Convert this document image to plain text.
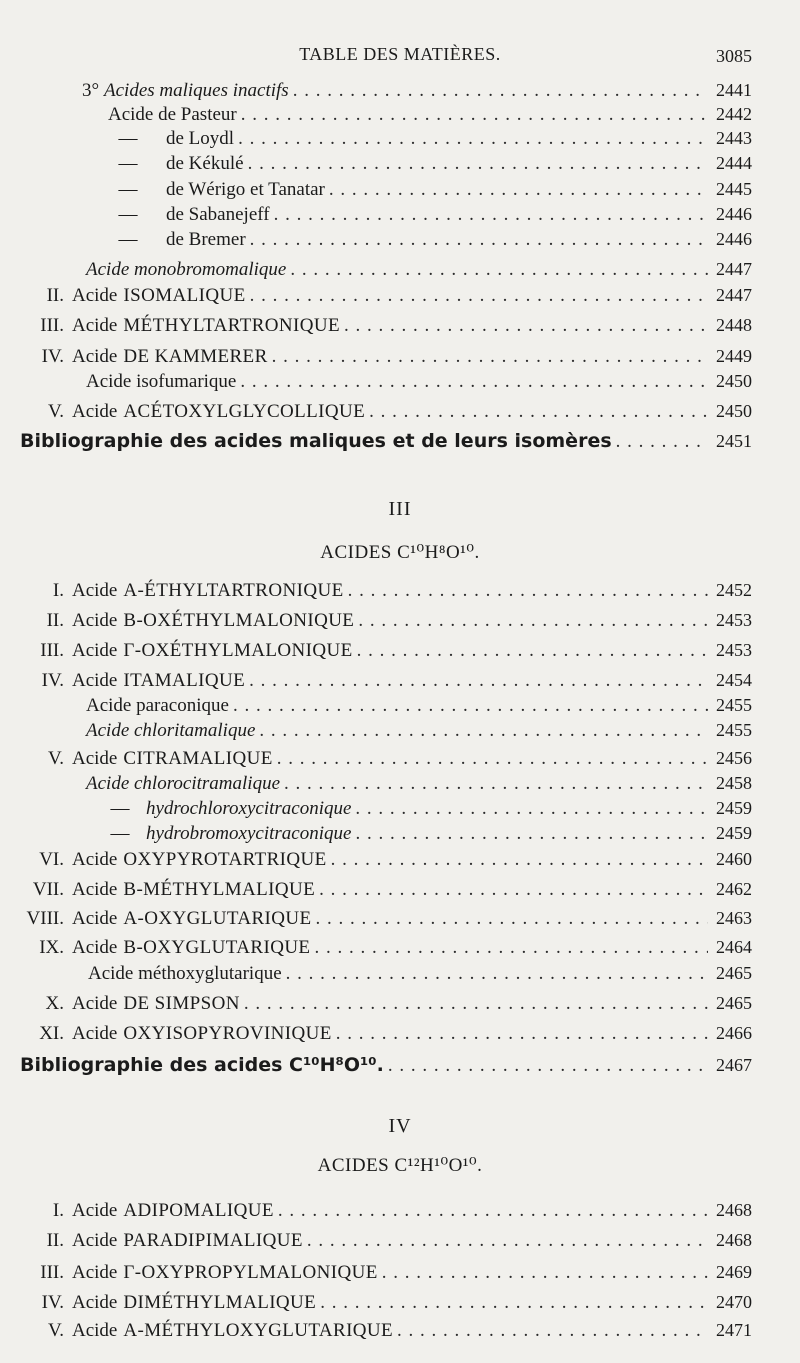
TABLE DES MATIÈRES.	3085
3° Acides maliques inactifs . . .	2441
Acide de Pasteur . . .	2442
—	de Loydl . . .	2443
—	de Kékulé . . .	2444
—	de Wérigo et Tanatar . . .	2445
—	de Sabanejeff . . .	2446
—	de Bremer . . .	2446
Acide monobromomalique . . .	2447
II. Acide ISOMALIQUE . . .	2447
III. Acide MÉTHYLTARTRONIQUE . . .	2448
IV. Acide DE KAMMERER . . .	2449
Acide isofumarique . . .	2450
V. Acide ACÉTOXYLGLYCOLLIQUE . . .	2450
Bibliographie des acides maliques et de leurs isomères . . .	2451
III
ACIDES C¹⁰H⁸O¹⁰.
I. Acide Α-ÉTHYLTARTRONIQUE . . .	2452
II. Acide Β-OXÉTHYLMALONIQUE . . .	2453
III. Acide Γ-OXÉTHYLMALONIQUE . . .	2453
IV. Acide ITAMALIQUE . . .	2454
Acide paraconique . . .	2455
Acide chloritamalique . . .	2455
V. Acide CITRAMALIQUE . . .	2456
Acide chlorocitramalique . . .	2458
— hydrochloroxycitraconique . . .	2459
— hydrobromoxycitraconique . . .	2459
VI. Acide OXYPYROTARTRIQUE . . .	2460
VII. Acide Β-MÉTHYLMALIQUE . . .	2462
VIII. Acide Α-OXYGLUTARIQUE . . .	2463
IX. Acide Β-OXYGLUTARIQUE . . .	2464
Acide méthoxyglutarique . . .	2465
X. Acide DE SIMPSON . . .	2465
XI. Acide OXYISOPYROVINIQUE . . .	2466
Bibliographie des acides C¹⁰H⁸O¹⁰. . . .	2467
IV
ACIDES C¹²H¹⁰O¹⁰.
I. Acide ADIPOMALIQUE . . .	2468
II. Acide PARADIPIMALIQUE . . .	2468
III. Acide Γ-OXYPROPYLMALONIQUE . . .	2469
IV. Acide DIMÉTHYLMALIQUE . . .	2470
V. Acide Α-MÉTHYLOXYGLUTARIQUE . . .	2471
